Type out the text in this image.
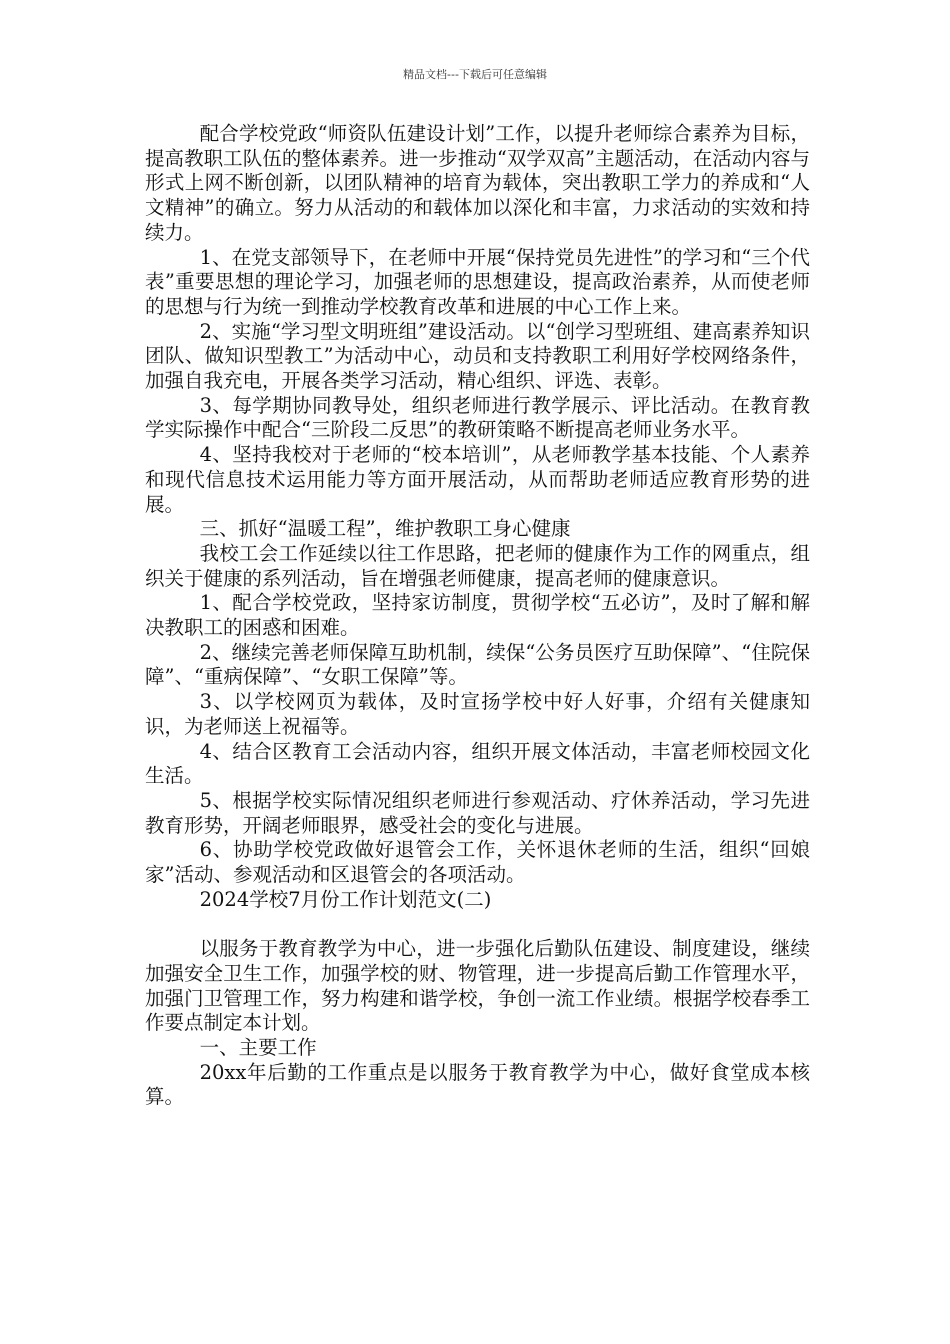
精品文档---下载后可任意编辑

配合学校党政“师资队伍建设计划”工作，以提升老师综合素养为目标，提高教职工队伍的整体素养。进一步推动“双学双高”主题活动，在活动内容与形式上网不断创新，以团队精神的培育为载体，突出教职工学力的养成和“人文精神”的确立。努力从活动的和载体加以深化和丰富，力求活动的实效和持续力。

1、在党支部领导下，在老师中开展“保持党员先进性”的学习和“三个代表”重要思想的理论学习，加强老师的思想建设，提高政治素养，从而使老师的思想与行为统一到推动学校教育改革和进展的中心工作上来。

2、实施“学习型文明班组”建设活动。以“创学习型班组、建高素养知识团队、做知识型教工”为活动中心，动员和支持教职工利用好学校网络条件，加强自我充电，开展各类学习活动，精心组织、评选、表彰。

3、每学期协同教导处，组织老师进行教学展示、评比活动。在教育教学实际操作中配合“三阶段二反思”的教研策略不断提高老师业务水平。

4、坚持我校对于老师的“校本培训”，从老师教学基本技能、个人素养和现代信息技术运用能力等方面开展活动，从而帮助老师适应教育形势的进展。

三、抓好“温暖工程”，维护教职工身心健康

我校工会工作延续以往工作思路，把老师的健康作为工作的网重点，组织关于健康的系列活动，旨在增强老师健康，提高老师的健康意识。

1、配合学校党政，坚持家访制度，贯彻学校“五必访”，及时了解和解决教职工的困惑和困难。

2、继续完善老师保障互助机制，续保“公务员医疗互助保障”、“住院保障”、“重病保障”、“女职工保障”等。

3、以学校网页为载体，及时宣扬学校中好人好事，介绍有关健康知识，为老师送上祝福等。

4、结合区教育工会活动内容，组织开展文体活动，丰富老师校园文化生活。

5、根据学校实际情况组织老师进行参观活动、疗休养活动，学习先进教育形势，开阔老师眼界，感受社会的变化与进展。

6、协助学校党政做好退管会工作，关怀退休老师的生活，组织“回娘家”活动、参观活动和区退管会的各项活动。

2024学校7月份工作计划范文(二)

以服务于教育教学为中心，进一步强化后勤队伍建设、制度建设，继续加强安全卫生工作，加强学校的财、物管理，进一步提高后勤工作管理水平，加强门卫管理工作，努力构建和谐学校，争创一流工作业绩。根据学校春季工作要点制定本计划。

一、主要工作

20xx年后勤的工作重点是以服务于教育教学为中心，做好食堂成本核算。
